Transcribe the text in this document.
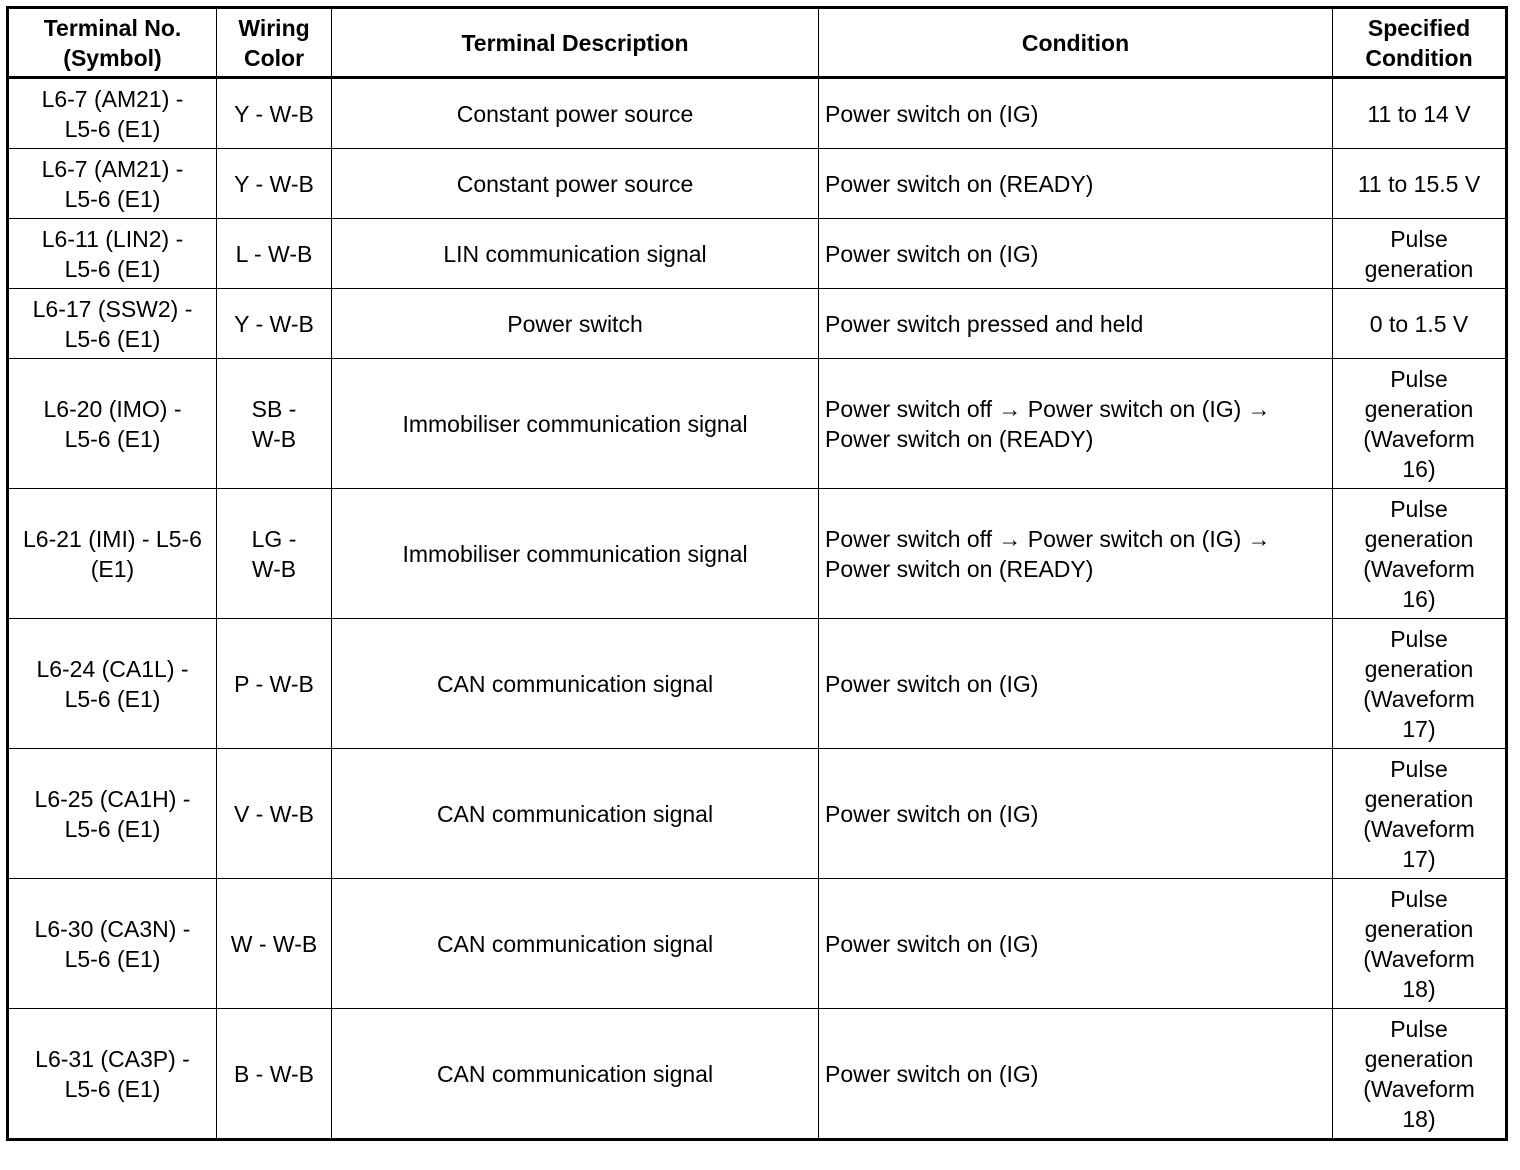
Terminal No.
(Symbol)	Wiring
Color	Terminal Description	Condition	Specified
Condition

L6-7 (AM21) -
L5-6 (E1)	Y - W-B	Constant power source	Power switch on (IG)	11 to 14 V

L6-7 (AM21) -
L5-6 (E1)	Y - W-B	Constant power source	Power switch on (READY)	11 to 15.5 V

L6-11 (LIN2) -
L5-6 (E1)	L - W-B	LIN communication signal	Power switch on (IG)	Pulse
generation

L6-17 (SSW2) -
L5-6 (E1)	Y - W-B	Power switch	Power switch pressed and held	0 to 1.5 V

L6-20 (IMO) -
L5-6 (E1)	SB -
W-B	Immobiliser communication signal	Power switch off → Power switch on (IG) →
Power switch on (READY)	Pulse
generation
(Waveform
16)

L6-21 (IMI) - L5-6
(E1)	LG -
W-B	Immobiliser communication signal	Power switch off → Power switch on (IG) →
Power switch on (READY)	Pulse
generation
(Waveform
16)

L6-24 (CA1L) -
L5-6 (E1)	P - W-B	CAN communication signal	Power switch on (IG)	Pulse
generation
(Waveform
17)

L6-25 (CA1H) -
L5-6 (E1)	V - W-B	CAN communication signal	Power switch on (IG)	Pulse
generation
(Waveform
17)

L6-30 (CA3N) -
L5-6 (E1)	W - W-B	CAN communication signal	Power switch on (IG)	Pulse
generation
(Waveform
18)

L6-31 (CA3P) -
L5-6 (E1)	B - W-B	CAN communication signal	Power switch on (IG)	Pulse
generation
(Waveform
18)
